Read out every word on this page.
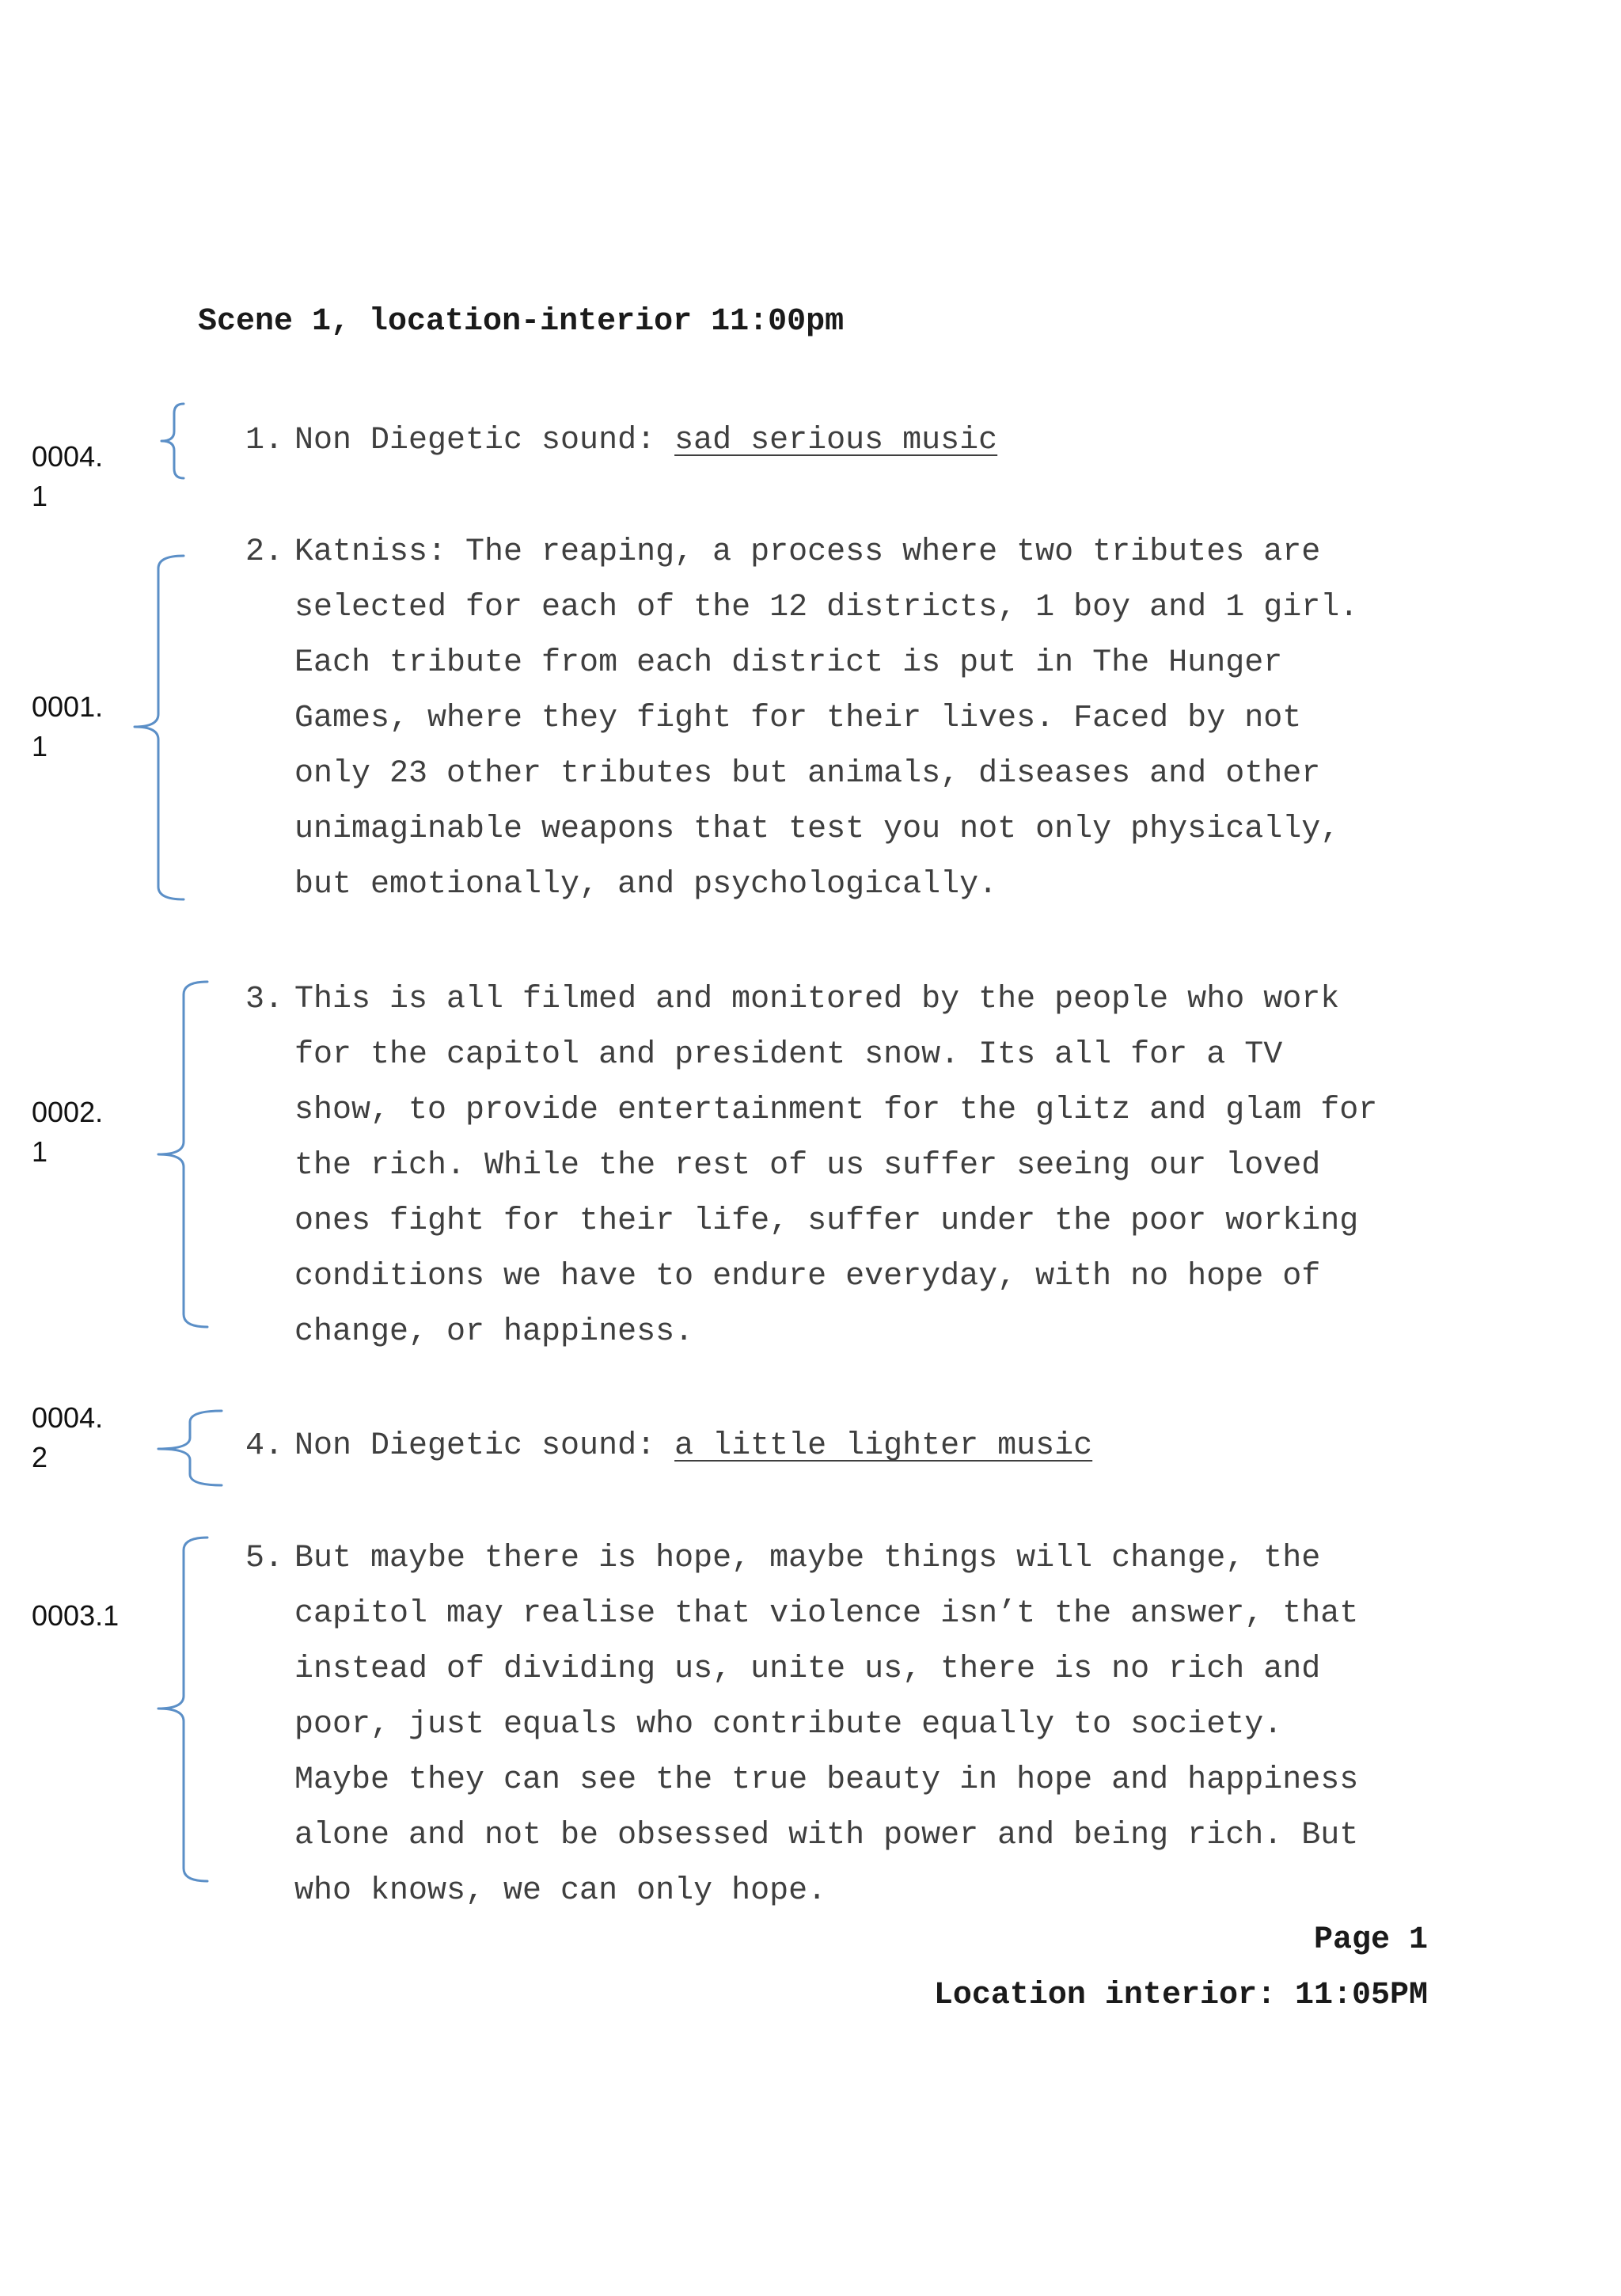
Scene 1, location-interior 11:00pm
1. Non Diegetic sound: sad serious music
2. Katniss: The reaping, a process where two tributes are
selected for each of the 12 districts, 1 boy and 1 girl.
Each tribute from each district is put in The Hunger
Games, where they fight for their lives. Faced by not
only 23 other tributes but animals, diseases and other
unimaginable weapons that test you not only physically,
but emotionally, and psychologically.
3. This is all filmed and monitored by the people who work
for the capitol and president snow. Its all for a TV
show, to provide entertainment for the glitz and glam for
the rich. While the rest of us suffer seeing our loved
ones fight for their life, suffer under the poor working
conditions we have to endure everyday, with no hope of
change, or happiness.
4. Non Diegetic sound: a little lighter music
5. But maybe there is hope, maybe things will change, the
capitol may realise that violence isn’t the answer, that
instead of dividing us, unite us, there is no rich and
poor, just equals who contribute equally to society.
Maybe they can see the true beauty in hope and happiness
alone and not be obsessed with power and being rich. But
who knows, we can only hope.
0004.
1
0001.
1
0002.
1
0004.
2
0003.1
Page 1
Location interior: 11:05PM
